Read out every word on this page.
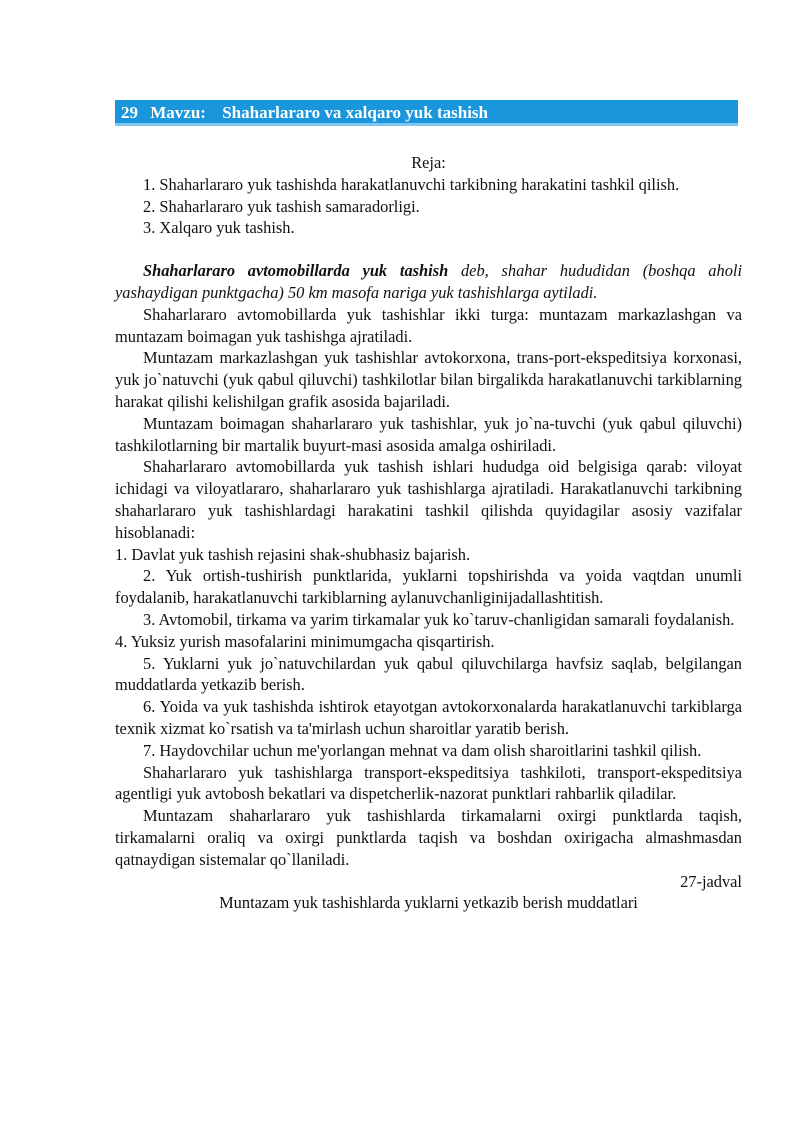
29 Mavzu: Shaharlararo va xalqaro yuk tashish

Reja:

1. Shaharlararo yuk tashishda harakatlanuvchi tarkibning harakatini tashkil qilish.

2. Shaharlararo yuk tashish samaradorligi.

3. Xalqaro yuk tashish.

Shaharlararo avtomobillarda yuk tashish deb, shahar hududidan (boshqa aholi yashaydigan punktgacha) 50 km masofa nariga yuk tashishlarga aytiladi.

Shaharlararo avtomobillarda yuk tashishlar ikki turga: muntazam markazlashgan va muntazam boimagan yuk tashishga ajratiladi.

Muntazam markazlashgan yuk tashishlar avtokorxona, trans-port-ekspeditsiya korxonasi, yuk jo`natuvchi (yuk qabul qiluvchi) tashkilotlar bilan birgalikda harakatlanuvchi tarkiblarning harakat qilishi kelishilgan grafik asosida bajariladi.

Muntazam boimagan shaharlararo yuk tashishlar, yuk jo`na-tuvchi (yuk qabul qiluvchi) tashkilotlarning bir martalik buyurt-masi asosida amalga oshiriladi.

Shaharlararo avtomobillarda yuk tashish ishlari hududga oid belgisiga qarab: viloyat ichidagi va viloyatlararo, shaharlararo yuk tashishlarga ajratiladi. Harakatlanuvchi tarkibning shaharlararo yuk tashishlardagi harakatini tashkil qilishda quyidagilar asosiy vazifalar hisoblanadi:

1. Davlat yuk tashish rejasini shak-shubhasiz bajarish.

2. Yuk ortish-tushirish punktlarida, yuklarni topshirishda va yoida vaqtdan unumli foydalanib, harakatlanuvchi tarkiblarning aylanuvchanliginijadallashtitish.

3. Avtomobil, tirkama va yarim tirkamalar yuk ko`taruv-chanligidan samarali foydalanish.

4. Yuksiz yurish masofalarini minimumgacha qisqartirish.

5. Yuklarni yuk jo`natuvchilardan yuk qabul qiluvchilarga havfsiz saqlab, belgilangan muddatlarda yetkazib berish.

6. Yoida va yuk tashishda ishtirok etayotgan avtokorxonalarda harakatlanuvchi tarkiblarga texnik xizmat ko`rsatish va ta'mirlash uchun sharoitlar yaratib berish.

7. Haydovchilar uchun me'yorlangan mehnat va dam olish sharoitlarini tashkil qilish.

Shaharlararo yuk tashishlarga transport-ekspeditsiya tashkiloti, transport-ekspeditsiya agentligi yuk avtobosh bekatlari va dispetcherlik-nazorat punktlari rahbarlik qiladilar.

Muntazam shaharlararo yuk tashishlarda tirkamalarni oxirgi punktlarda taqish, tirkamalarni oraliq va oxirgi punktlarda taqish va boshdan oxirigacha almashmasdan qatnaydigan sistemalar qo`llaniladi.

27-jadval

Muntazam yuk tashishlarda yuklarni yetkazib berish muddatlari
